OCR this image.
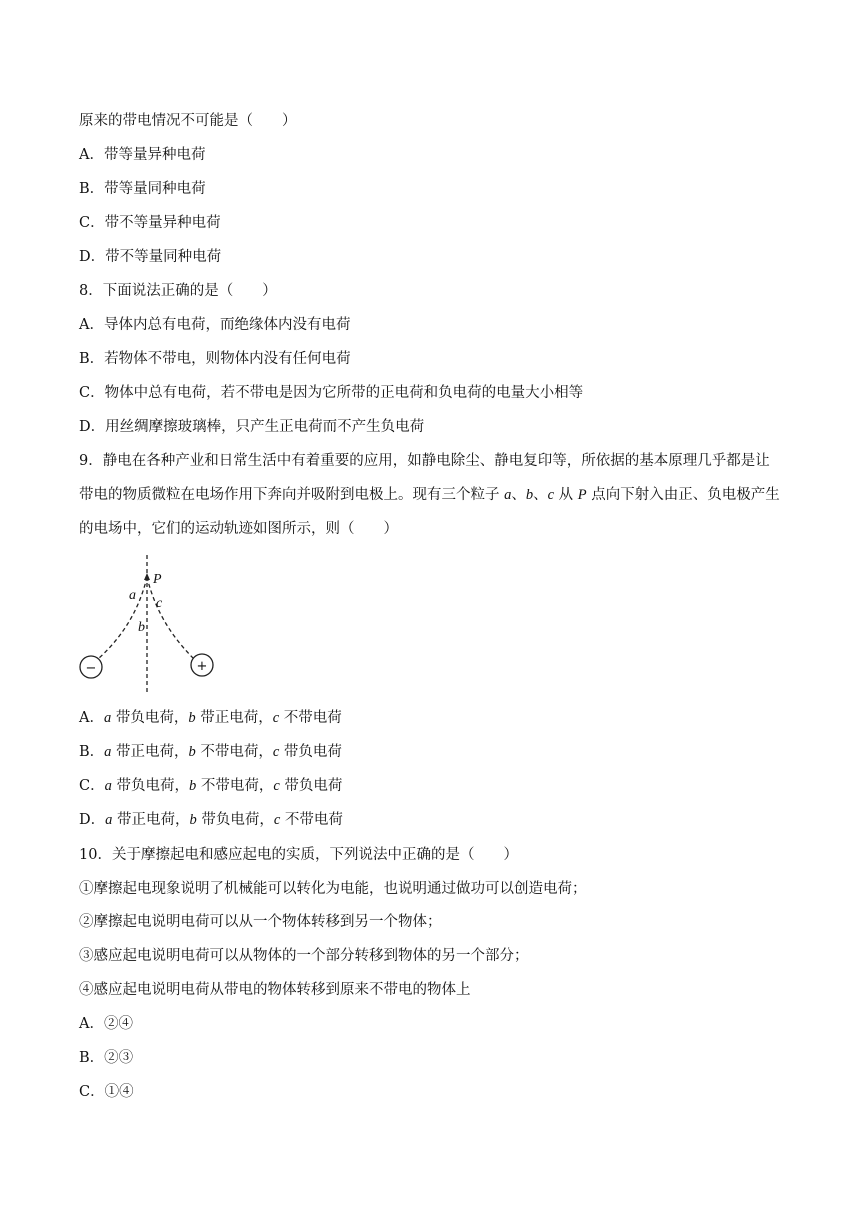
原来的带电情况不可能是（　　）
A．带等量异种电荷
B．带等量同种电荷
C．带不等量异种电荷
D．带不等量同种电荷
8．下面说法正确的是（　　）
A．导体内总有电荷，而绝缘体内没有电荷
B．若物体不带电，则物体内没有任何电荷
C．物体中总有电荷，若不带电是因为它所带的正电荷和负电荷的电量大小相等
D．用丝绸摩擦玻璃棒，只产生正电荷而不产生负电荷
9．静电在各种产业和日常生活中有着重要的应用，如静电除尘、静电复印等，所依据的基本原理几乎都是让带电的物质微粒在电场作用下奔向并吸附到电极上。现有三个粒子 a、b、c 从 P 点向下射入由正、负电极产生的电场中，它们的运动轨迹如图所示，则（　　）
P
a
c
b
−	+
A．a 带负电荷，b 带正电荷，c 不带电荷
B．a 带正电荷，b 不带电荷，c 带负电荷
C．a 带负电荷，b 不带电荷，c 带负电荷
D．a 带正电荷，b 带负电荷，c 不带电荷
10．关于摩擦起电和感应起电的实质，下列说法中正确的是（　　）
①摩擦起电现象说明了机械能可以转化为电能，也说明通过做功可以创造电荷；
②摩擦起电说明电荷可以从一个物体转移到另一个物体；
③感应起电说明电荷可以从物体的一个部分转移到物体的另一个部分；
④感应起电说明电荷从带电的物体转移到原来不带电的物体上
A．②④
B．②③
C．①④
